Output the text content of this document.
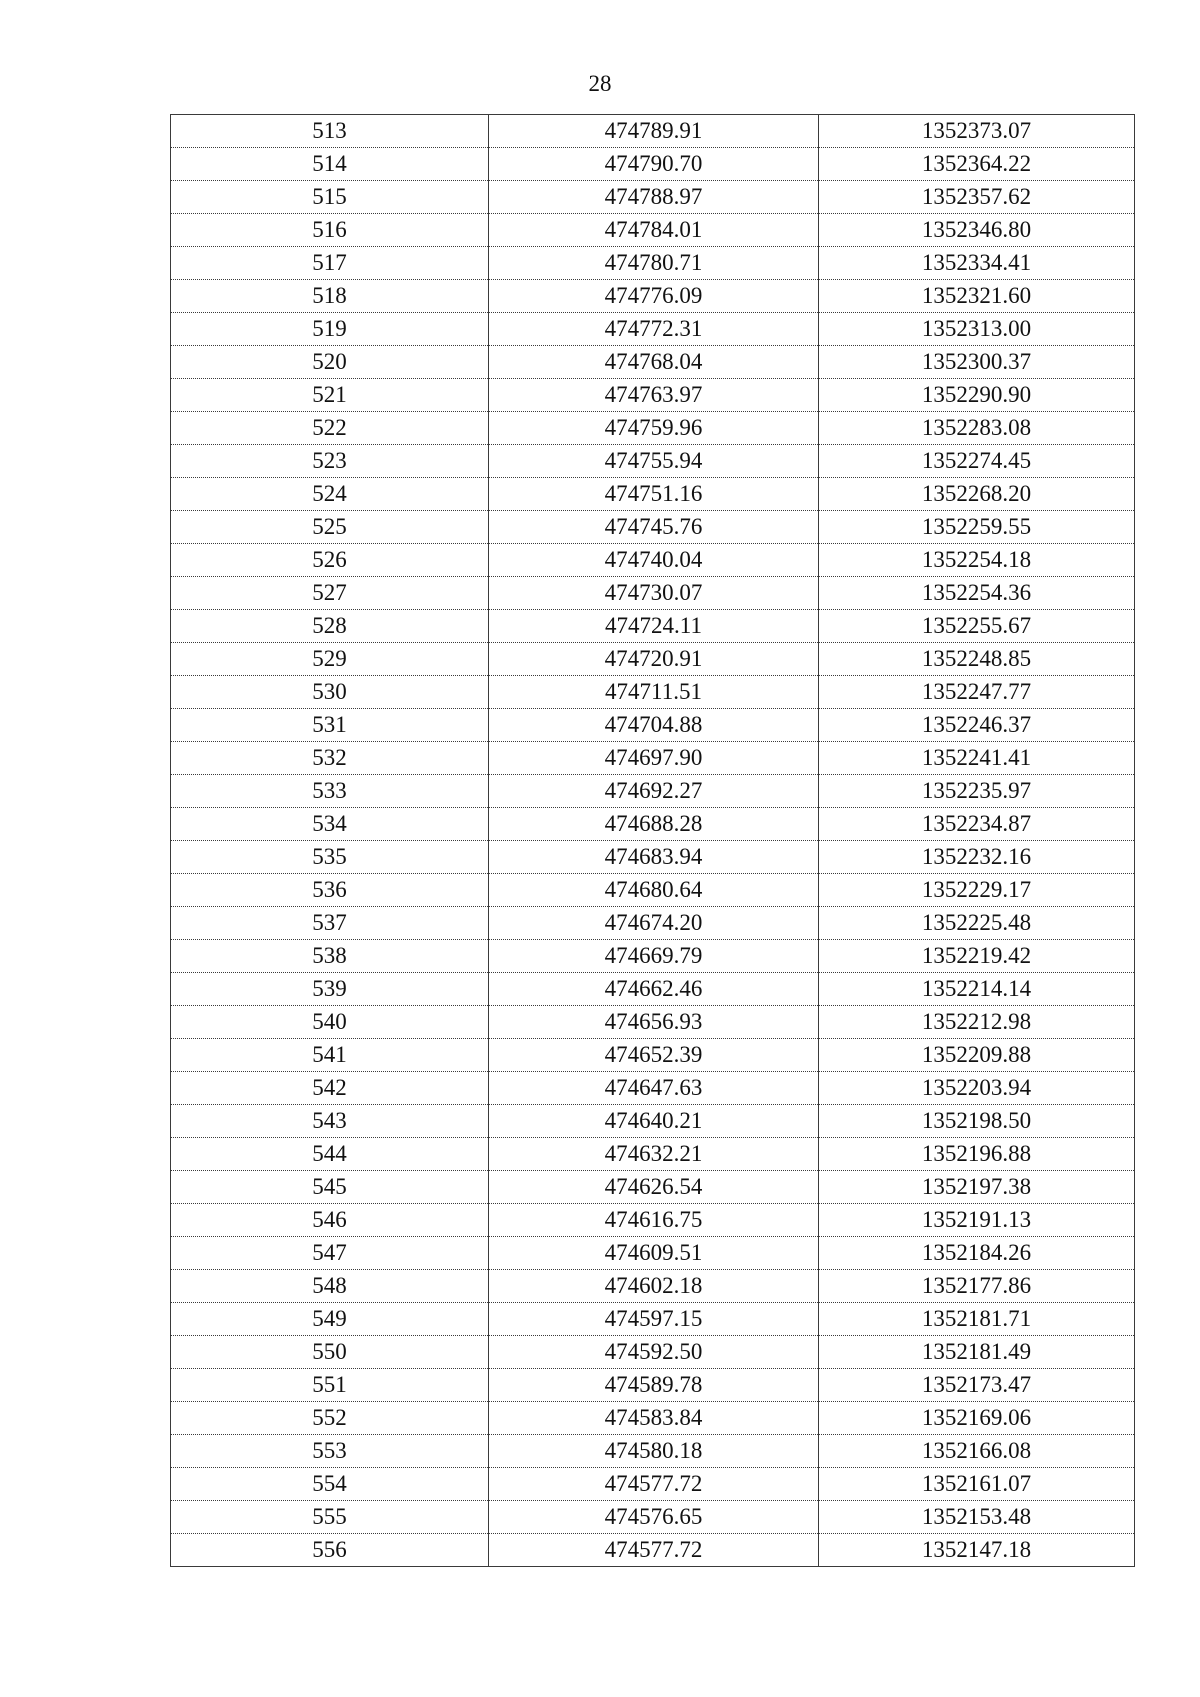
28
513	474789.91	1352373.07
514	474790.70	1352364.22
515	474788.97	1352357.62
516	474784.01	1352346.80
517	474780.71	1352334.41
518	474776.09	1352321.60
519	474772.31	1352313.00
520	474768.04	1352300.37
521	474763.97	1352290.90
522	474759.96	1352283.08
523	474755.94	1352274.45
524	474751.16	1352268.20
525	474745.76	1352259.55
526	474740.04	1352254.18
527	474730.07	1352254.36
528	474724.11	1352255.67
529	474720.91	1352248.85
530	474711.51	1352247.77
531	474704.88	1352246.37
532	474697.90	1352241.41
533	474692.27	1352235.97
534	474688.28	1352234.87
535	474683.94	1352232.16
536	474680.64	1352229.17
537	474674.20	1352225.48
538	474669.79	1352219.42
539	474662.46	1352214.14
540	474656.93	1352212.98
541	474652.39	1352209.88
542	474647.63	1352203.94
543	474640.21	1352198.50
544	474632.21	1352196.88
545	474626.54	1352197.38
546	474616.75	1352191.13
547	474609.51	1352184.26
548	474602.18	1352177.86
549	474597.15	1352181.71
550	474592.50	1352181.49
551	474589.78	1352173.47
552	474583.84	1352169.06
553	474580.18	1352166.08
554	474577.72	1352161.07
555	474576.65	1352153.48
556	474577.72	1352147.18
